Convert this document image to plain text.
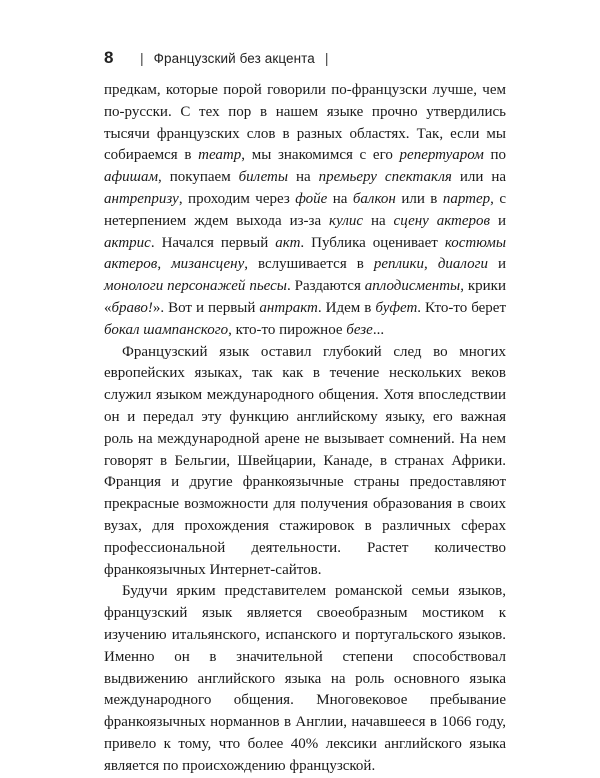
8	| Французский без акцента |

предкам, которые порой говорили по-французски лучше, чем по-русски. С тех пор в нашем языке прочно утвердились тысячи французских слов в разных областях. Так, если мы собираемся в театр, мы знакомимся с его репертуаром по афишам, покупаем билеты на премьеру спектакля или на антрепризу, проходим через фойе на балкон или в партер, с нетерпением ждем выхода из-за кулис на сцену актеров и актрис. Начался первый акт. Публика оценивает костюмы актеров, мизансцену, вслушивается в реплики, диалоги и монологи персонажей пьесы. Раздаются аплодисменты, крики «браво!». Вот и первый антракт. Идем в буфет. Кто-то берет бокал шампанского, кто-то пирожное безе...

Французский язык оставил глубокий след во многих европейских языках, так как в течение нескольких веков служил языком международного общения. Хотя впоследствии он и передал эту функцию английскому языку, его важная роль на международной арене не вызывает сомнений. На нем говорят в Бельгии, Швейцарии, Канаде, в странах Африки. Франция и другие франкоязычные страны предоставляют прекрасные возможности для получения образования в своих вузах, для прохождения стажировок в различных сферах профессиональной деятельности. Растет количество франкоязычных Интернет-сайтов.

Будучи ярким представителем романской семьи языков, французский язык является своеобразным мостиком к изучению итальянского, испанского и португальского языков. Именно он в значительной степени способствовал выдвижению английского языка на роль основного языка международного общения. Многовековое пребывание франкоязычных норманнов в Англии, начавшееся в 1066 году, привело к тому, что более 40% лексики английского языка является по происхождению французской.
